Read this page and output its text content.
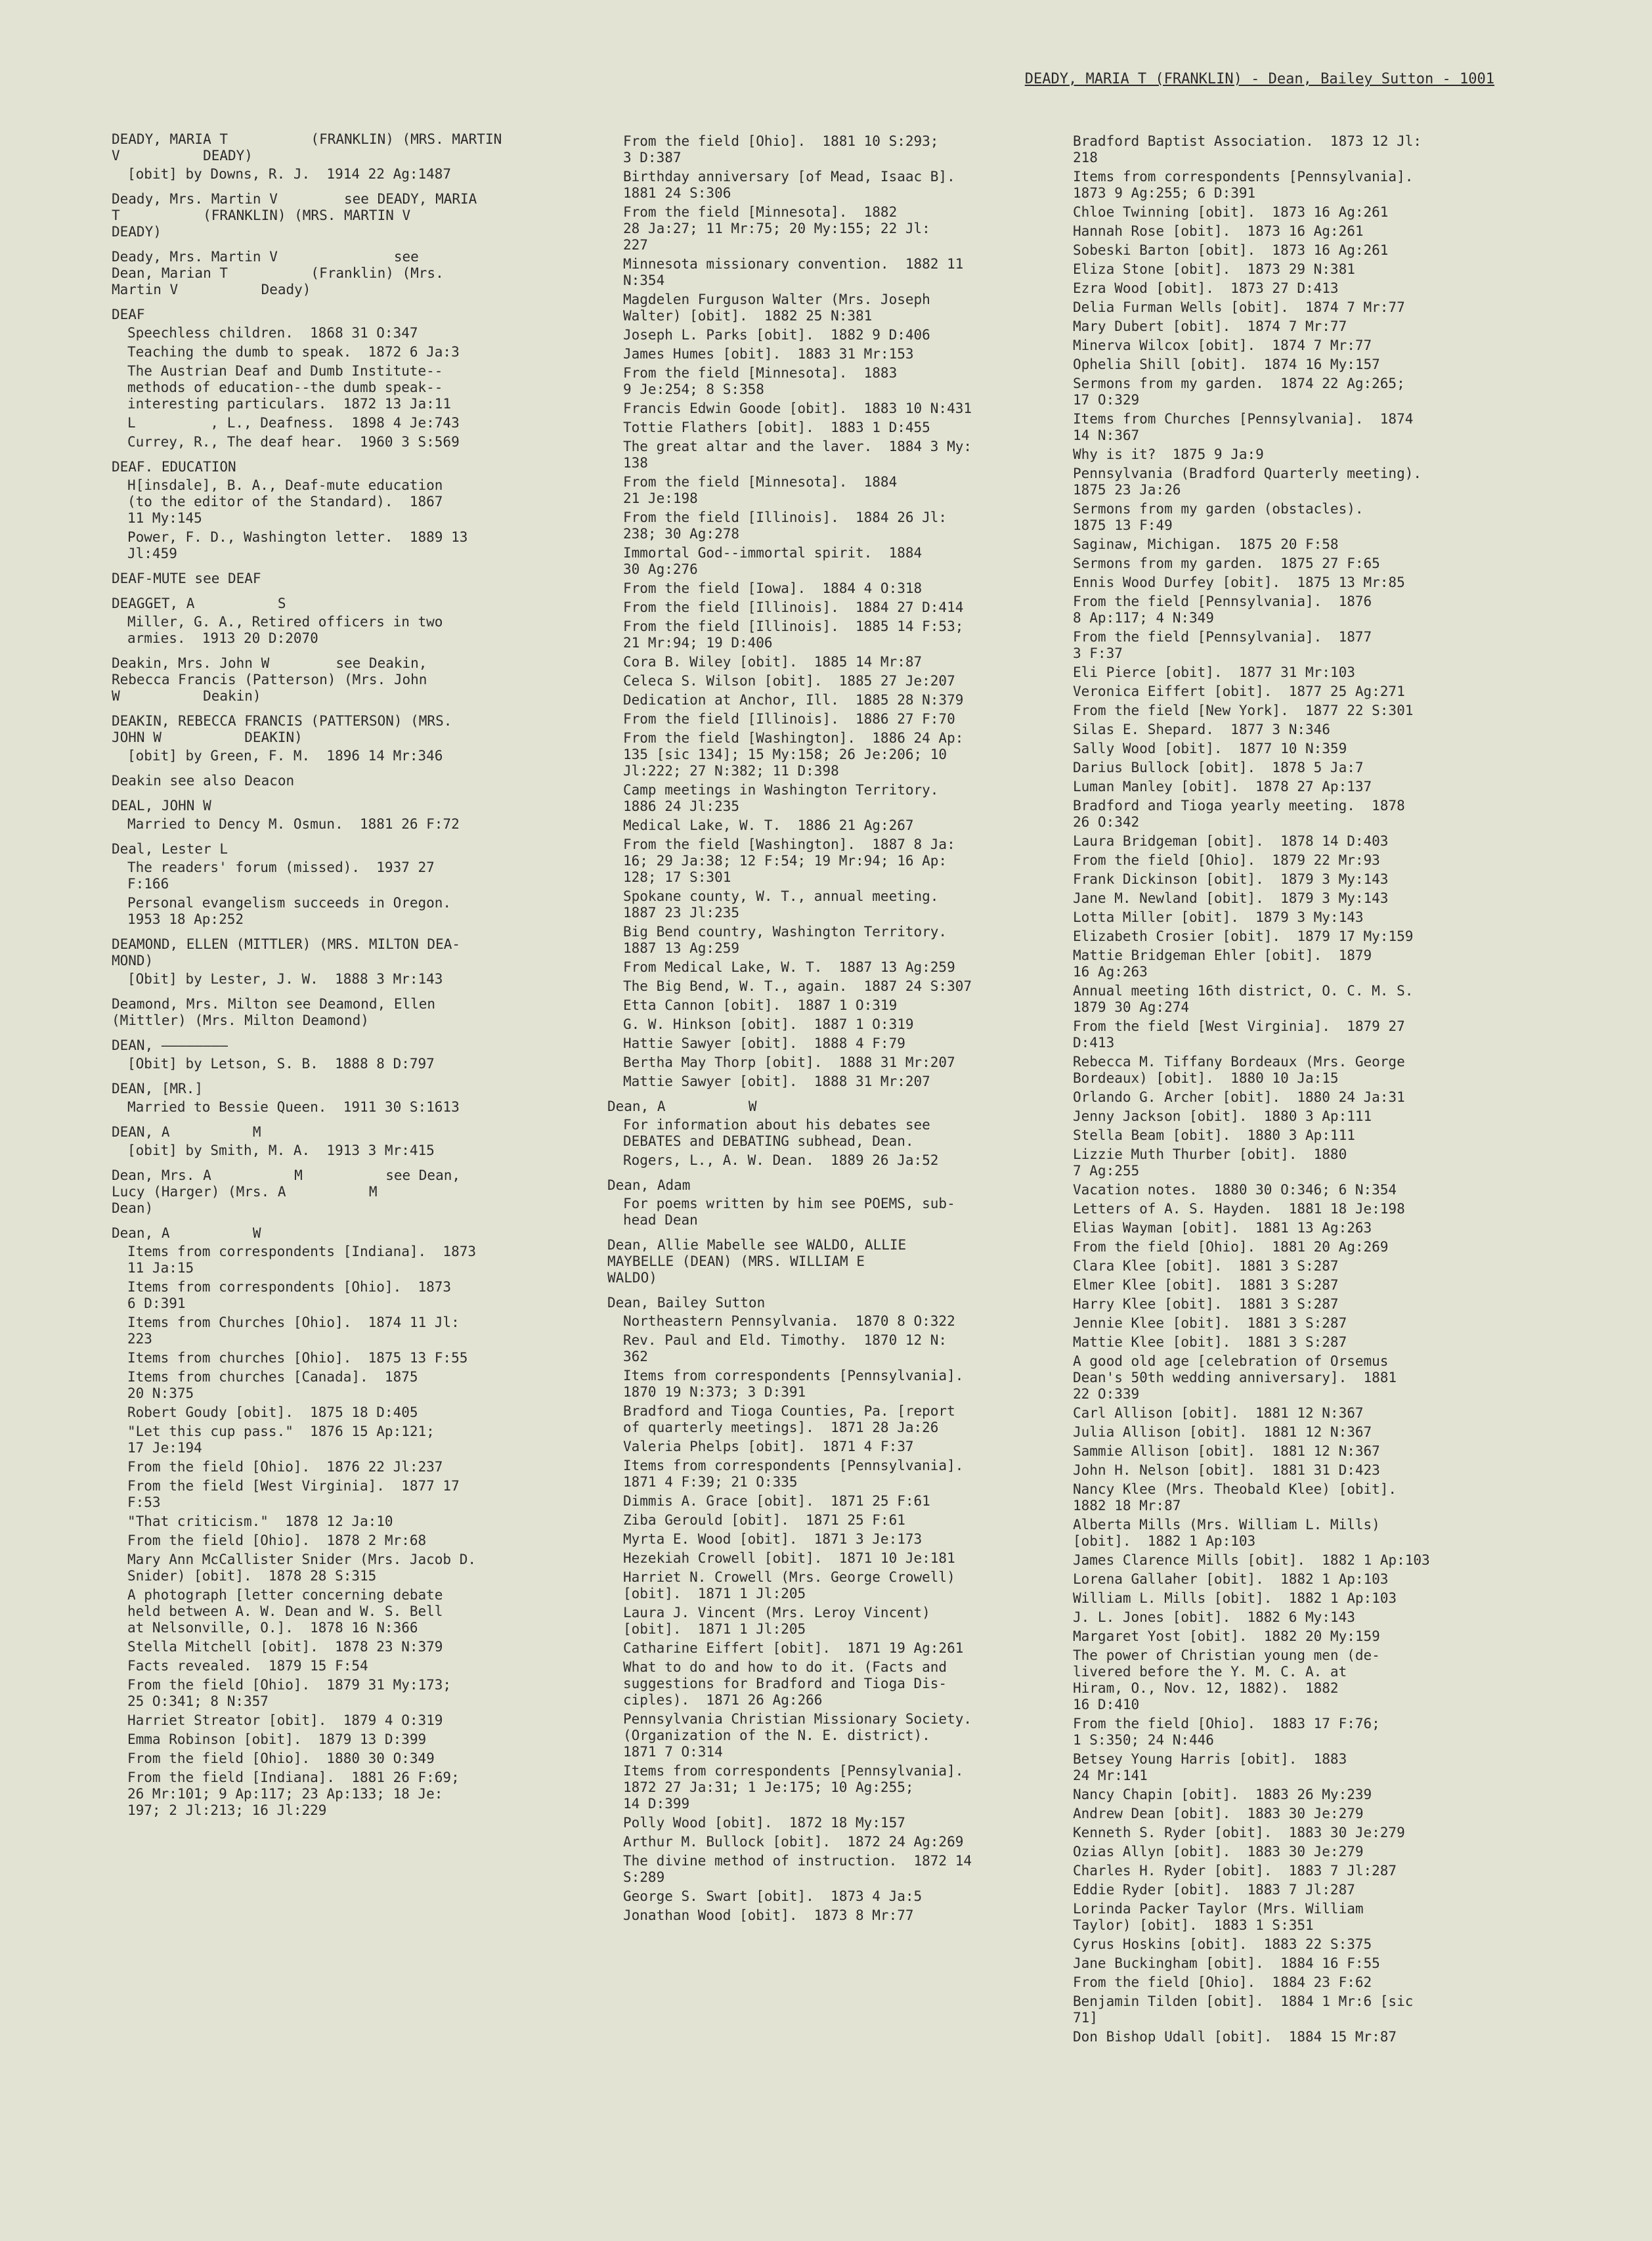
DEADY, MARIA T (FRANKLIN) - Dean, Bailey Sutton - 1001
DEADY, MARIA T          (FRANKLIN) (MRS. MARTIN
V          DEADY)
[obit] by Downs, R. J.  1914 22 Ag:1487
Deady, Mrs. Martin V        see DEADY, MARIA
T          (FRANKLIN) (MRS. MARTIN V
DEADY)
Deady, Mrs. Martin V              see
Dean, Marian T          (Franklin) (Mrs.
Martin V          Deady)
DEAF
Speechless children.  1868 31 O:347
Teaching the dumb to speak.  1872 6 Ja:3
The Austrian Deaf and Dumb Institute--
methods of education--the dumb speak--
interesting particulars.  1872 13 Ja:11
L         , L., Deafness.  1898 4 Je:743
Currey, R., The deaf hear.  1960 3 S:569
DEAF. EDUCATION
H[insdale], B. A., Deaf-mute education
(to the editor of the Standard).  1867
11 My:145
Power, F. D., Washington letter.  1889 13
Jl:459
DEAF-MUTE see DEAF
DEAGGET, A          S
Miller, G. A., Retired officers in two
armies.  1913 20 D:2070
Deakin, Mrs. John W        see Deakin,
Rebecca Francis (Patterson) (Mrs. John
W          Deakin)
DEAKIN, REBECCA FRANCIS (PATTERSON) (MRS.
JOHN W          DEAKIN)
[obit] by Green, F. M.  1896 14 Mr:346
Deakin see also Deacon
DEAL, JOHN W
Married to Dency M. Osmun.  1881 26 F:72
Deal, Lester L
The readers' forum (missed).  1937 27
F:166
Personal evangelism succeeds in Oregon.
1953 18 Ap:252
DEAMOND, ELLEN (MITTLER) (MRS. MILTON DEA-
MOND)
[Obit] by Lester, J. W.  1888 3 Mr:143
Deamond, Mrs. Milton see Deamond, Ellen
(Mittler) (Mrs. Milton Deamond)
DEAN, ————————
[Obit] by Letson, S. B.  1888 8 D:797
DEAN, [MR.]
Married to Bessie Queen.  1911 30 S:1613
DEAN, A          M
[obit] by Smith, M. A.  1913 3 Mr:415
Dean, Mrs. A          M          see Dean,
Lucy (Harger) (Mrs. A          M
Dean)
Dean, A          W
Items from correspondents [Indiana].  1873
11 Ja:15
Items from correspondents [Ohio].  1873
6 D:391
Items from Churches [Ohio].  1874 11 Jl:
223
Items from churches [Ohio].  1875 13 F:55
Items from churches [Canada].  1875
20 N:375
Robert Goudy [obit].  1875 18 D:405
"Let this cup pass."  1876 15 Ap:121;
17 Je:194
From the field [Ohio].  1876 22 Jl:237
From the field [West Virginia].  1877 17
F:53
"That criticism."  1878 12 Ja:10
From the field [Ohio].  1878 2 Mr:68
Mary Ann McCallister Snider (Mrs. Jacob D.
Snider) [obit].  1878 28 S:315
A photograph [letter concerning debate
held between A. W. Dean and W. S. Bell
at Nelsonville, O.].  1878 16 N:366
Stella Mitchell [obit].  1878 23 N:379
Facts revealed.  1879 15 F:54
From the field [Ohio].  1879 31 My:173;
25 O:341; 8 N:357
Harriet Streator [obit].  1879 4 O:319
Emma Robinson [obit].  1879 13 D:399
From the field [Ohio].  1880 30 O:349
From the field [Indiana].  1881 26 F:69;
26 Mr:101; 9 Ap:117; 23 Ap:133; 18 Je:
197; 2 Jl:213; 16 Jl:229
From the field [Ohio].  1881 10 S:293;
3 D:387
Birthday anniversary [of Mead, Isaac B].
1881 24 S:306
From the field [Minnesota].  1882
28 Ja:27; 11 Mr:75; 20 My:155; 22 Jl:
227
Minnesota missionary convention.  1882 11
N:354
Magdelen Furguson Walter (Mrs. Joseph
Walter) [obit].  1882 25 N:381
Joseph L. Parks [obit].  1882 9 D:406
James Humes [obit].  1883 31 Mr:153
From the field [Minnesota].  1883
9 Je:254; 8 S:358
Francis Edwin Goode [obit].  1883 10 N:431
Tottie Flathers [obit].  1883 1 D:455
The great altar and the laver.  1884 3 My:
138
From the field [Minnesota].  1884
21 Je:198
From the field [Illinois].  1884 26 Jl:
238; 30 Ag:278
Immortal God--immortal spirit.  1884
30 Ag:276
From the field [Iowa].  1884 4 O:318
From the field [Illinois].  1884 27 D:414
From the field [Illinois].  1885 14 F:53;
21 Mr:94; 19 D:406
Cora B. Wiley [obit].  1885 14 Mr:87
Celeca S. Wilson [obit].  1885 27 Je:207
Dedication at Anchor, Ill.  1885 28 N:379
From the field [Illinois].  1886 27 F:70
From the field [Washington].  1886 24 Ap:
135 [sic 134]; 15 My:158; 26 Je:206; 10
Jl:222; 27 N:382; 11 D:398
Camp meetings in Washington Territory.
1886 24 Jl:235
Medical Lake, W. T.  1886 21 Ag:267
From the field [Washington].  1887 8 Ja:
16; 29 Ja:38; 12 F:54; 19 Mr:94; 16 Ap:
128; 17 S:301
Spokane county, W. T., annual meeting.
1887 23 Jl:235
Big Bend country, Washington Territory.
1887 13 Ag:259
From Medical Lake, W. T.  1887 13 Ag:259
The Big Bend, W. T., again.  1887 24 S:307
Etta Cannon [obit].  1887 1 O:319
G. W. Hinkson [obit].  1887 1 O:319
Hattie Sawyer [obit].  1888 4 F:79
Bertha May Thorp [obit].  1888 31 Mr:207
Mattie Sawyer [obit].  1888 31 Mr:207
Dean, A          W
For information about his debates see
DEBATES and DEBATING subhead, Dean.
Rogers, L., A. W. Dean.  1889 26 Ja:52
Dean, Adam
For poems written by him see POEMS, sub-
head Dean
Dean, Allie Mabelle see WALDO, ALLIE
MAYBELLE (DEAN) (MRS. WILLIAM E
WALDO)
Dean, Bailey Sutton
Northeastern Pennsylvania.  1870 8 O:322
Rev. Paul and Eld. Timothy.  1870 12 N:
362
Items from correspondents [Pennsylvania].
1870 19 N:373; 3 D:391
Bradford and Tioga Counties, Pa. [report
of quarterly meetings].  1871 28 Ja:26
Valeria Phelps [obit].  1871 4 F:37
Items from correspondents [Pennsylvania].
1871 4 F:39; 21 O:335
Dimmis A. Grace [obit].  1871 25 F:61
Ziba Gerould [obit].  1871 25 F:61
Myrta E. Wood [obit].  1871 3 Je:173
Hezekiah Crowell [obit].  1871 10 Je:181
Harriet N. Crowell (Mrs. George Crowell)
[obit].  1871 1 Jl:205
Laura J. Vincent (Mrs. Leroy Vincent)
[obit].  1871 1 Jl:205
Catharine Eiffert [obit].  1871 19 Ag:261
What to do and how to do it. (Facts and
suggestions for Bradford and Tioga Dis-
ciples).  1871 26 Ag:266
Pennsylvania Christian Missionary Society.
(Organization of the N. E. district).
1871 7 O:314
Items from correspondents [Pennsylvania].
1872 27 Ja:31; 1 Je:175; 10 Ag:255;
14 D:399
Polly Wood [obit].  1872 18 My:157
Arthur M. Bullock [obit].  1872 24 Ag:269
The divine method of instruction.  1872 14
S:289
George S. Swart [obit].  1873 4 Ja:5
Jonathan Wood [obit].  1873 8 Mr:77
Bradford Baptist Association.  1873 12 Jl:
218
Items from correspondents [Pennsylvania].
1873 9 Ag:255; 6 D:391
Chloe Twinning [obit].  1873 16 Ag:261
Hannah Rose [obit].  1873 16 Ag:261
Sobeski Barton [obit].  1873 16 Ag:261
Eliza Stone [obit].  1873 29 N:381
Ezra Wood [obit].  1873 27 D:413
Delia Furman Wells [obit].  1874 7 Mr:77
Mary Dubert [obit].  1874 7 Mr:77
Minerva Wilcox [obit].  1874 7 Mr:77
Ophelia Shill [obit].  1874 16 My:157
Sermons from my garden.  1874 22 Ag:265;
17 O:329
Items from Churches [Pennsylvania].  1874
14 N:367
Why is it?  1875 9 Ja:9
Pennsylvania (Bradford Quarterly meeting).
1875 23 Ja:26
Sermons from my garden (obstacles).
1875 13 F:49
Saginaw, Michigan.  1875 20 F:58
Sermons from my garden.  1875 27 F:65
Ennis Wood Durfey [obit].  1875 13 Mr:85
From the field [Pennsylvania].  1876
8 Ap:117; 4 N:349
From the field [Pennsylvania].  1877
3 F:37
Eli Pierce [obit].  1877 31 Mr:103
Veronica Eiffert [obit].  1877 25 Ag:271
From the field [New York].  1877 22 S:301
Silas E. Shepard.  1877 3 N:346
Sally Wood [obit].  1877 10 N:359
Darius Bullock [obit].  1878 5 Ja:7
Luman Manley [obit].  1878 27 Ap:137
Bradford and Tioga yearly meeting.  1878
26 O:342
Laura Bridgeman [obit].  1878 14 D:403
From the field [Ohio].  1879 22 Mr:93
Frank Dickinson [obit].  1879 3 My:143
Jane M. Newland [obit].  1879 3 My:143
Lotta Miller [obit].  1879 3 My:143
Elizabeth Crosier [obit].  1879 17 My:159
Mattie Bridgeman Ehler [obit].  1879
16 Ag:263
Annual meeting 16th district, O. C. M. S.
1879 30 Ag:274
From the field [West Virginia].  1879 27
D:413
Rebecca M. Tiffany Bordeaux (Mrs. George
Bordeaux) [obit].  1880 10 Ja:15
Orlando G. Archer [obit].  1880 24 Ja:31
Jenny Jackson [obit].  1880 3 Ap:111
Stella Beam [obit].  1880 3 Ap:111
Lizzie Muth Thurber [obit].  1880
7 Ag:255
Vacation notes.  1880 30 O:346; 6 N:354
Letters of A. S. Hayden.  1881 18 Je:198
Elias Wayman [obit].  1881 13 Ag:263
From the field [Ohio].  1881 20 Ag:269
Clara Klee [obit].  1881 3 S:287
Elmer Klee [obit].  1881 3 S:287
Harry Klee [obit].  1881 3 S:287
Jennie Klee [obit].  1881 3 S:287
Mattie Klee [obit].  1881 3 S:287
A good old age [celebration of Orsemus
Dean's 50th wedding anniversary].  1881
22 O:339
Carl Allison [obit].  1881 12 N:367
Julia Allison [obit].  1881 12 N:367
Sammie Allison [obit].  1881 12 N:367
John H. Nelson [obit].  1881 31 D:423
Nancy Klee (Mrs. Theobald Klee) [obit].
1882 18 Mr:87
Alberta Mills (Mrs. William L. Mills)
[obit].  1882 1 Ap:103
James Clarence Mills [obit].  1882 1 Ap:103
Lorena Gallaher [obit].  1882 1 Ap:103
William L. Mills [obit].  1882 1 Ap:103
J. L. Jones [obit].  1882 6 My:143
Margaret Yost [obit].  1882 20 My:159
The power of Christian young men (de-
livered before the Y. M. C. A. at
Hiram, O., Nov. 12, 1882).  1882
16 D:410
From the field [Ohio].  1883 17 F:76;
1 S:350; 24 N:446
Betsey Young Harris [obit].  1883
24 Mr:141
Nancy Chapin [obit].  1883 26 My:239
Andrew Dean [obit].  1883 30 Je:279
Kenneth S. Ryder [obit].  1883 30 Je:279
Ozias Allyn [obit].  1883 30 Je:279
Charles H. Ryder [obit].  1883 7 Jl:287
Eddie Ryder [obit].  1883 7 Jl:287
Lorinda Packer Taylor (Mrs. William
Taylor) [obit].  1883 1 S:351
Cyrus Hoskins [obit].  1883 22 S:375
Jane Buckingham [obit].  1884 16 F:55
From the field [Ohio].  1884 23 F:62
Benjamin Tilden [obit].  1884 1 Mr:6 [sic
71]
Don Bishop Udall [obit].  1884 15 Mr:87
